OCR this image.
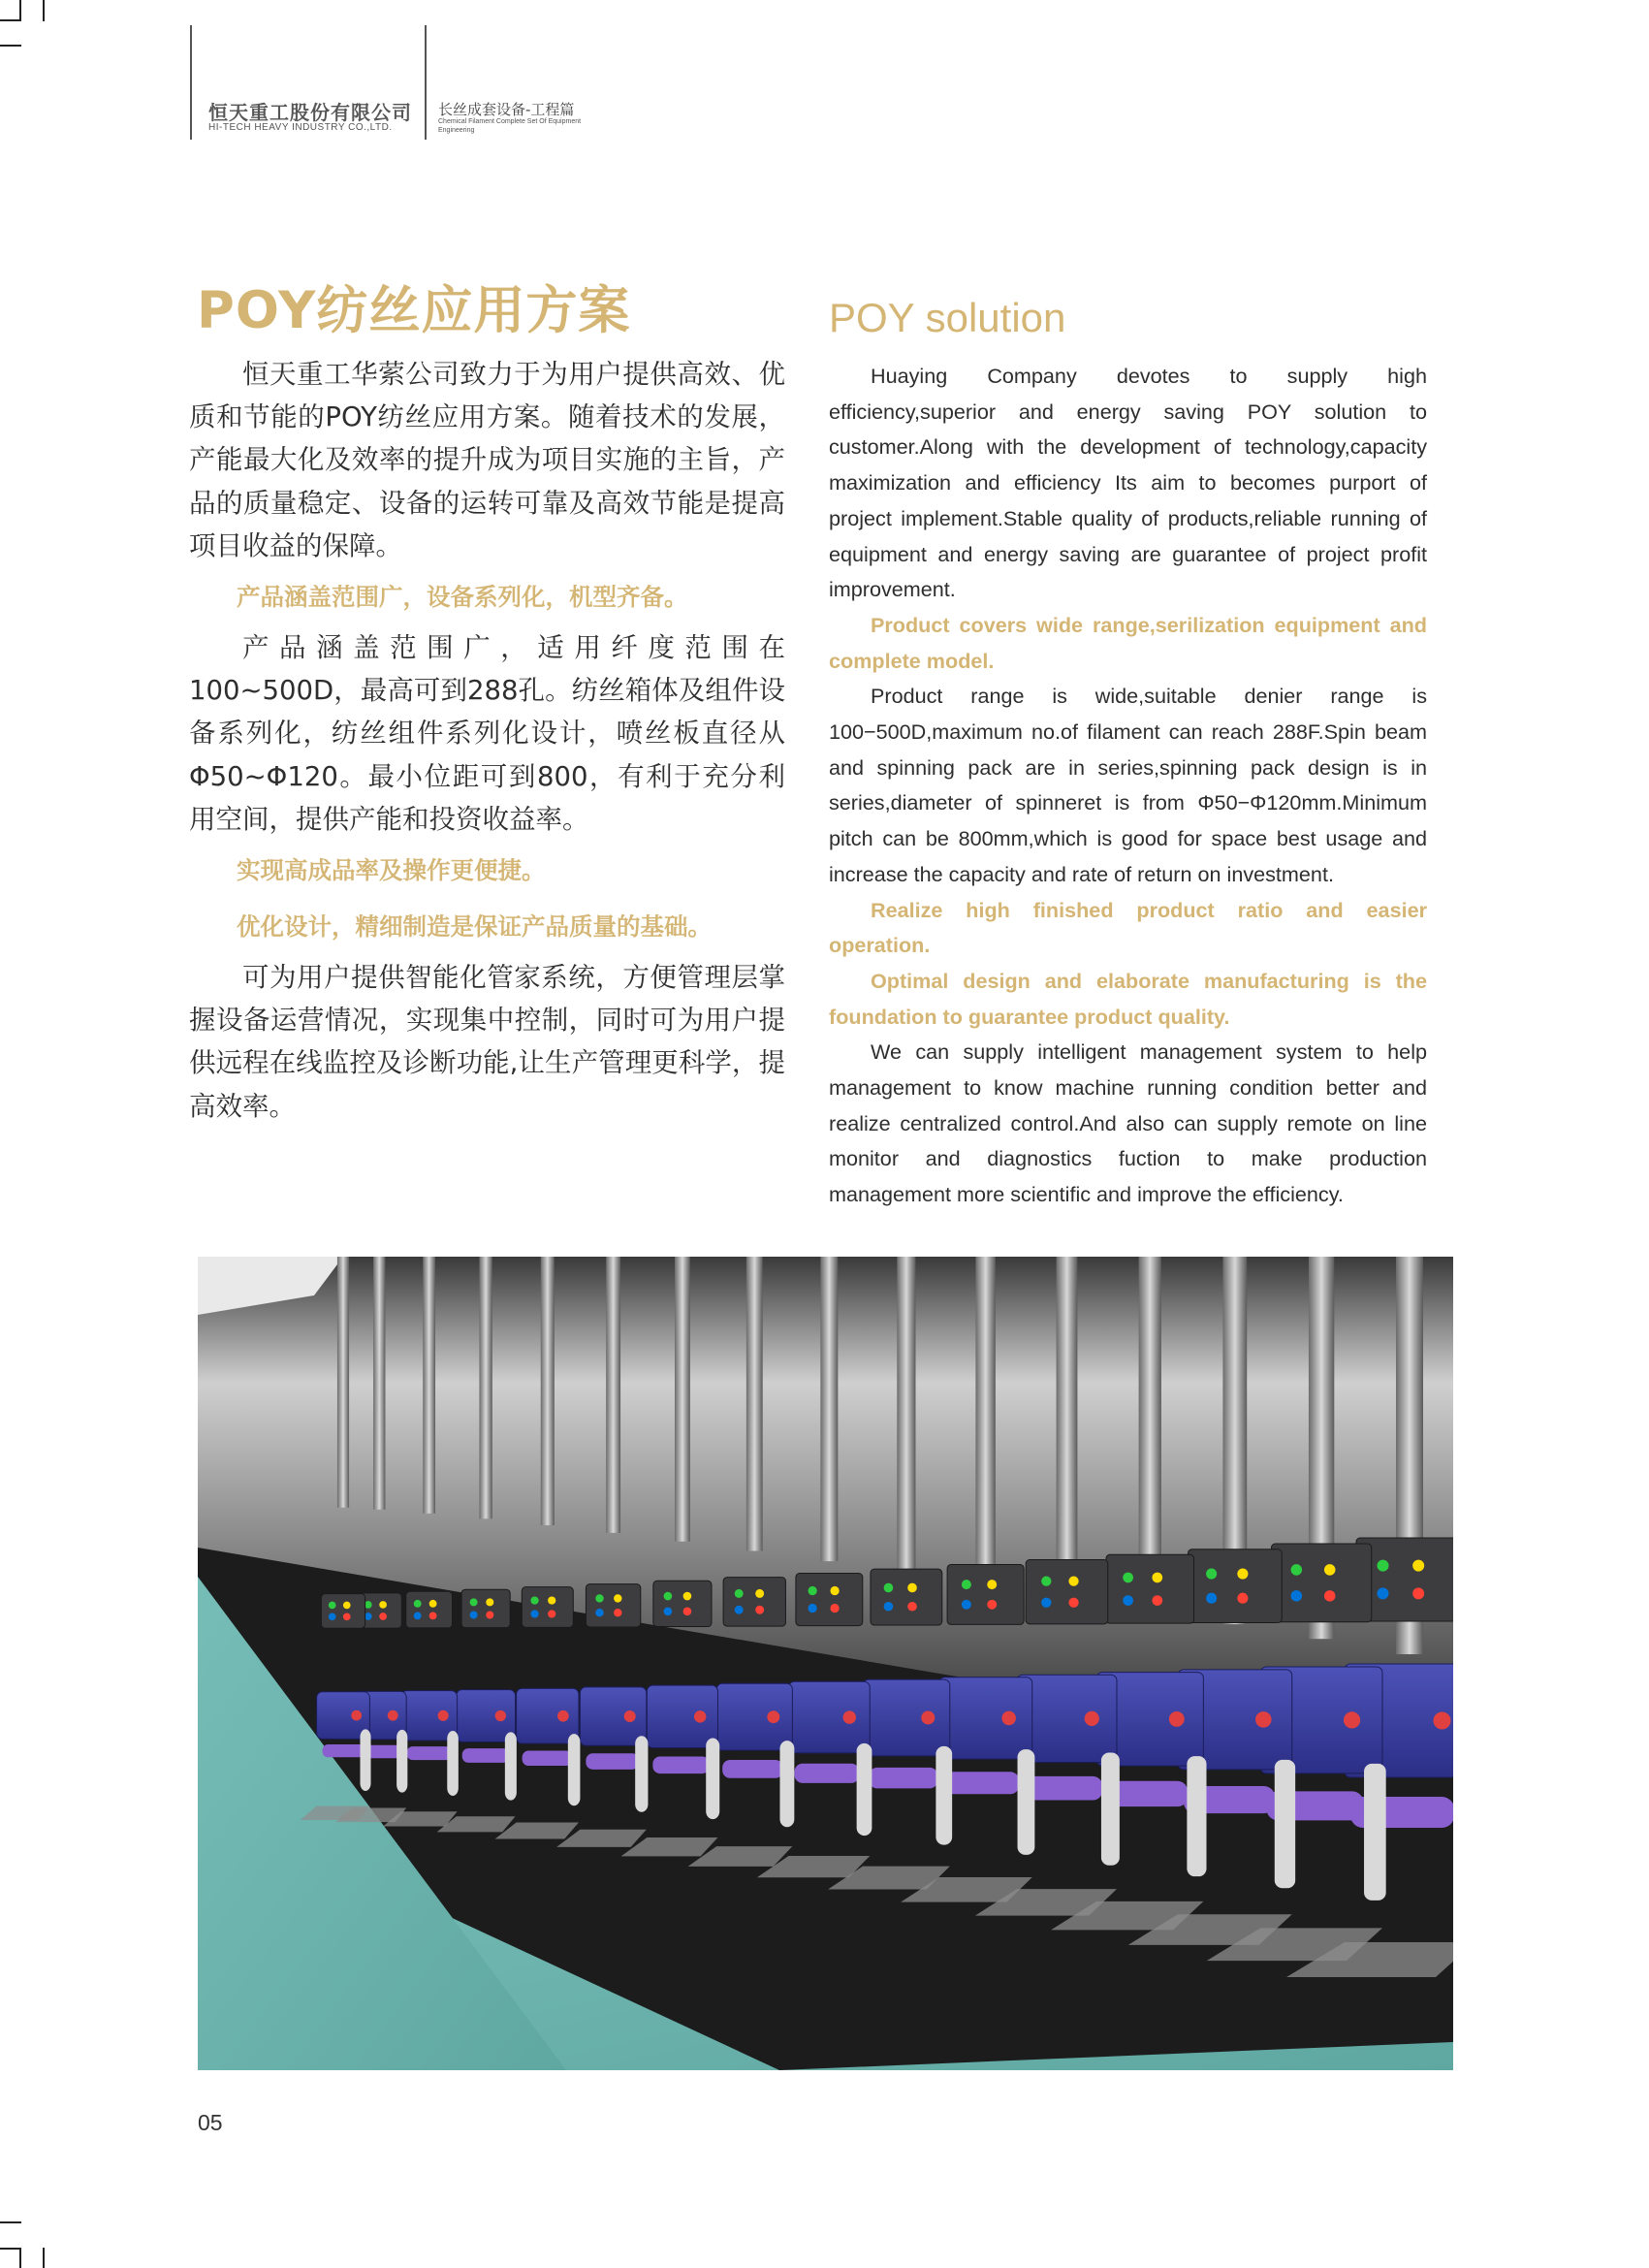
恒天重工股份有限公司
HI-TECH HEAVY INDUSTRY CO.,LTD.
长丝成套设备-工程篇
Chemical Filament Complete Set Of Equipment Engineering
POY纺丝应用方案	POY solution

恒天重工华萦公司致力于为用户提供高效、优质和节能的POY纺丝应用方案。随着技术的发展，产能最大化及效率的提升成为项目实施的主旨，产品的质量稳定、设备的运转可靠及高效节能是提高项目收益的保障。

产品涵盖范围广，设备系列化，机型齐备。

产品涵盖范围广，适用纤度范围在100~500D，最高可到288孔。纺丝箱体及组件设备系列化，纺丝组件系列化设计，喷丝板直径从Φ50~Φ120。最小位距可到800，有利于充分利用空间，提供产能和投资收益率。

实现高成品率及操作更便捷。

优化设计，精细制造是保证产品质量的基础。

可为用户提供智能化管家系统，方便管理层掌握设备运营情况，实现集中控制，同时可为用户提供远程在线监控及诊断功能,让生产管理更科学，提高效率。

Huaying Company devotes to supply high efficiency,superior and energy saving POY solution to customer.Along with the development of technology,capacity maximization and efficiency Its aim to becomes purport of project implement.Stable quality of products,reliable running of equipment and energy saving are guarantee of project profit improvement.

Product covers wide range,serilization equipment and complete model.

Product range is wide,suitable denier range is 100−500D,maximum no.of filament can reach 288F.Spin beam and spinning pack are in series,spinning pack design is in series,diameter of spinneret is from Φ50−Φ120mm.Minimum pitch can be 800mm,which is good for space best usage and increase the capacity and rate of return on investment.

Realize high finished product ratio and easier operation.

Optimal design and elaborate manufacturing is the foundation to guarantee product quality.

We can supply intelligent management system to help management to know machine running condition better and realize centralized control.And also can supply remote on line monitor and diagnostics fuction to make production management more scientific and improve the efficiency.

05
